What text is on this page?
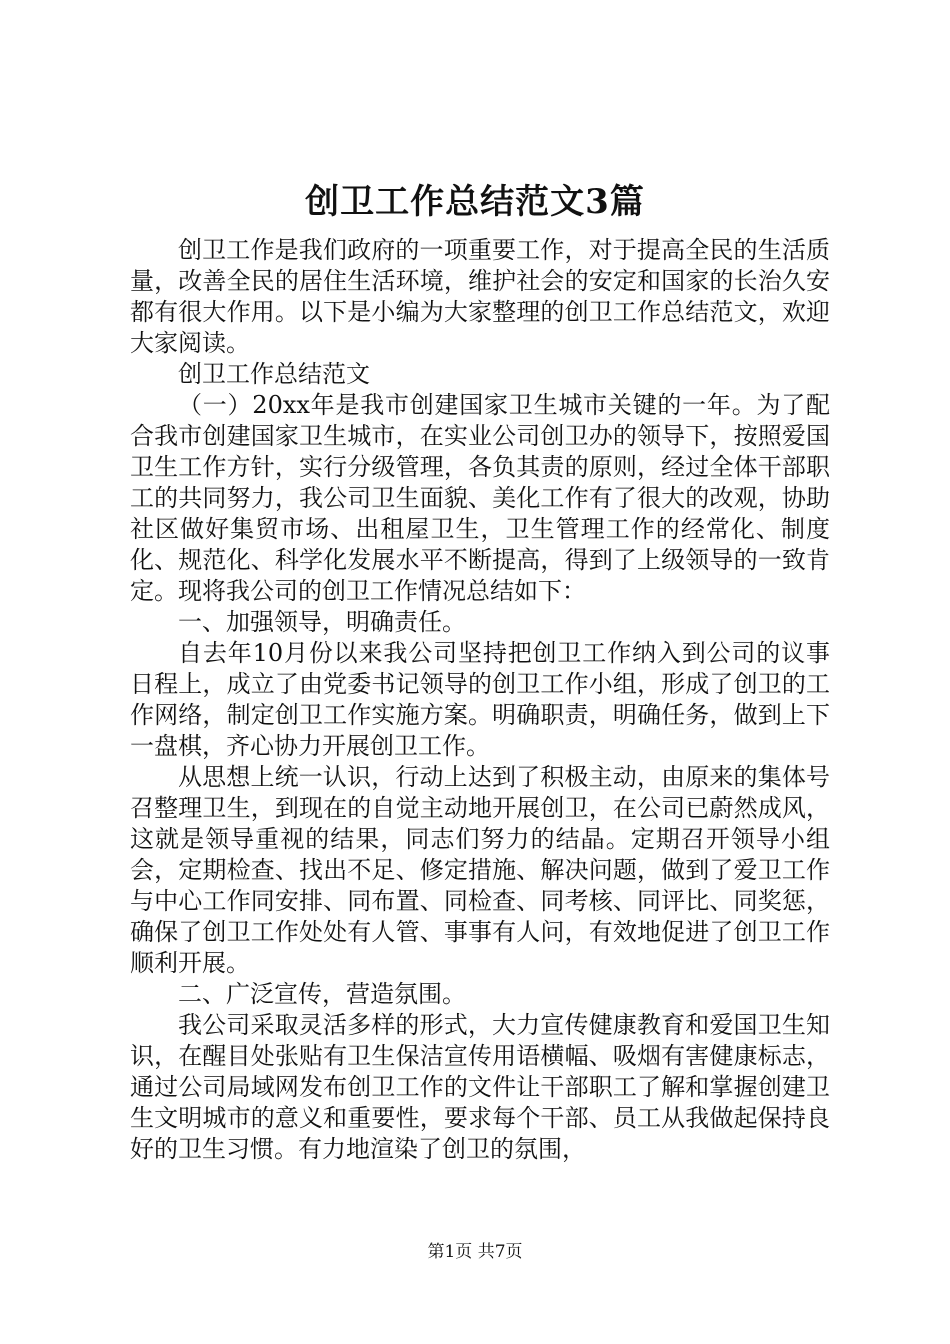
创卫工作总结范文3篇

创卫工作是我们政府的一项重要工作，对于提高全民的生活质量，改善全民的居住生活环境，维护社会的安定和国家的长治久安都有很大作用。以下是小编为大家整理的创卫工作总结范文，欢迎大家阅读。

创卫工作总结范文

（一）20xx年是我市创建国家卫生城市关键的一年。为了配合我市创建国家卫生城市，在实业公司创卫办的领导下，按照爱国卫生工作方针，实行分级管理，各负其责的原则，经过全体干部职工的共同努力，我公司卫生面貌、美化工作有了很大的改观，协助社区做好集贸市场、出租屋卫生，卫生管理工作的经常化、制度化、规范化、科学化发展水平不断提高，得到了上级领导的一致肯定。现将我公司的创卫工作情况总结如下：

一、加强领导，明确责任。

自去年10月份以来我公司坚持把创卫工作纳入到公司的议事日程上，成立了由党委书记领导的创卫工作小组，形成了创卫的工作网络，制定创卫工作实施方案。明确职责，明确任务，做到上下一盘棋，齐心协力开展创卫工作。

从思想上统一认识，行动上达到了积极主动，由原来的集体号召整理卫生，到现在的自觉主动地开展创卫，在公司已蔚然成风，这就是领导重视的结果，同志们努力的结晶。定期召开领导小组会，定期检查、找出不足、修定措施、解决问题，做到了爱卫工作与中心工作同安排、同布置、同检查、同考核、同评比、同奖惩，确保了创卫工作处处有人管、事事有人问，有效地促进了创卫工作顺利开展。

二、广泛宣传，营造氛围。

我公司采取灵活多样的形式，大力宣传健康教育和爱国卫生知识，在醒目处张贴有卫生保洁宣传用语横幅、吸烟有害健康标志，通过公司局域网发布创卫工作的文件让干部职工了解和掌握创建卫生文明城市的意义和重要性，要求每个干部、员工从我做起保持良好的卫生习惯。有力地渲染了创卫的氛围，

第1页 共7页
